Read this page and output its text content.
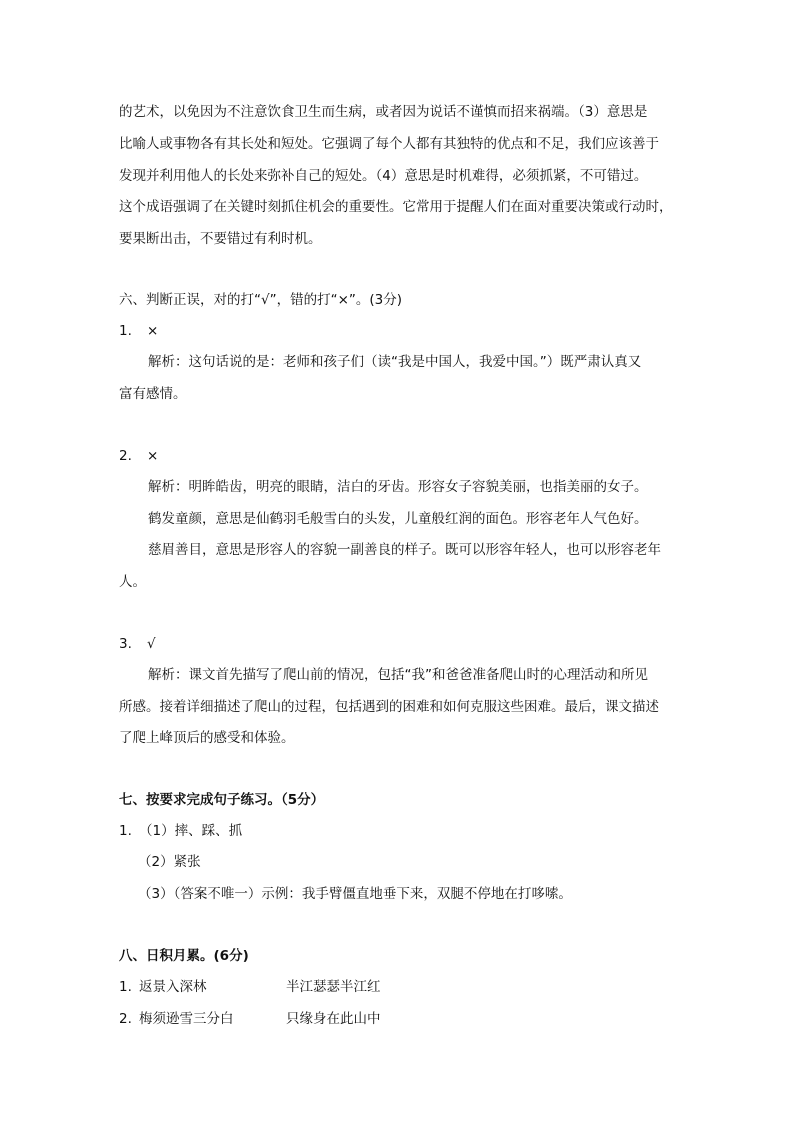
的艺术，以免因为不注意饮食卫生而生病，或者因为说话不谨慎而招来祸端。（3）意思是
比喻人或事物各有其长处和短处。它强调了每个人都有其独特的优点和不足，我们应该善于
发现并利用他人的长处来弥补自己的短处。（4）意思是时机难得，必须抓紧，不可错过。
这个成语强调了在关键时刻抓住机会的重要性。它常用于提醒人们在面对重要决策或行动时，
要果断出击，不要错过有利时机。
六、判断正误，对的打“√”，错的打“×”。(3分)
1. ×
解析：这句话说的是：老师和孩子们（读“我是中国人，我爱中国。”）既严肃认真又
富有感情。
2. ×
解析：明眸皓齿，明亮的眼睛，洁白的牙齿。形容女子容貌美丽，也指美丽的女子。
鹤发童颜，意思是仙鹤羽毛般雪白的头发，儿童般红润的面色。形容老年人气色好。
慈眉善目，意思是形容人的容貌一副善良的样子。既可以形容年轻人，也可以形容老年
人。
3. √
解析：课文首先描写了爬山前的情况，包括“我”和爸爸准备爬山时的心理活动和所见
所感。接着详细描述了爬山的过程，包括遇到的困难和如何克服这些困难。最后，课文描述
了爬上峰顶后的感受和体验。
七、按要求完成句子练习。（5分）
1. （1）摔、踩、抓
（2）紧张
（3）（答案不唯一）示例：我手臂僵直地垂下来，双腿不停地在打哆嗦。
八、日积月累。(6分)
1. 返景入深林	半江瑟瑟半江红
2. 梅须逊雪三分白	只缘身在此山中
